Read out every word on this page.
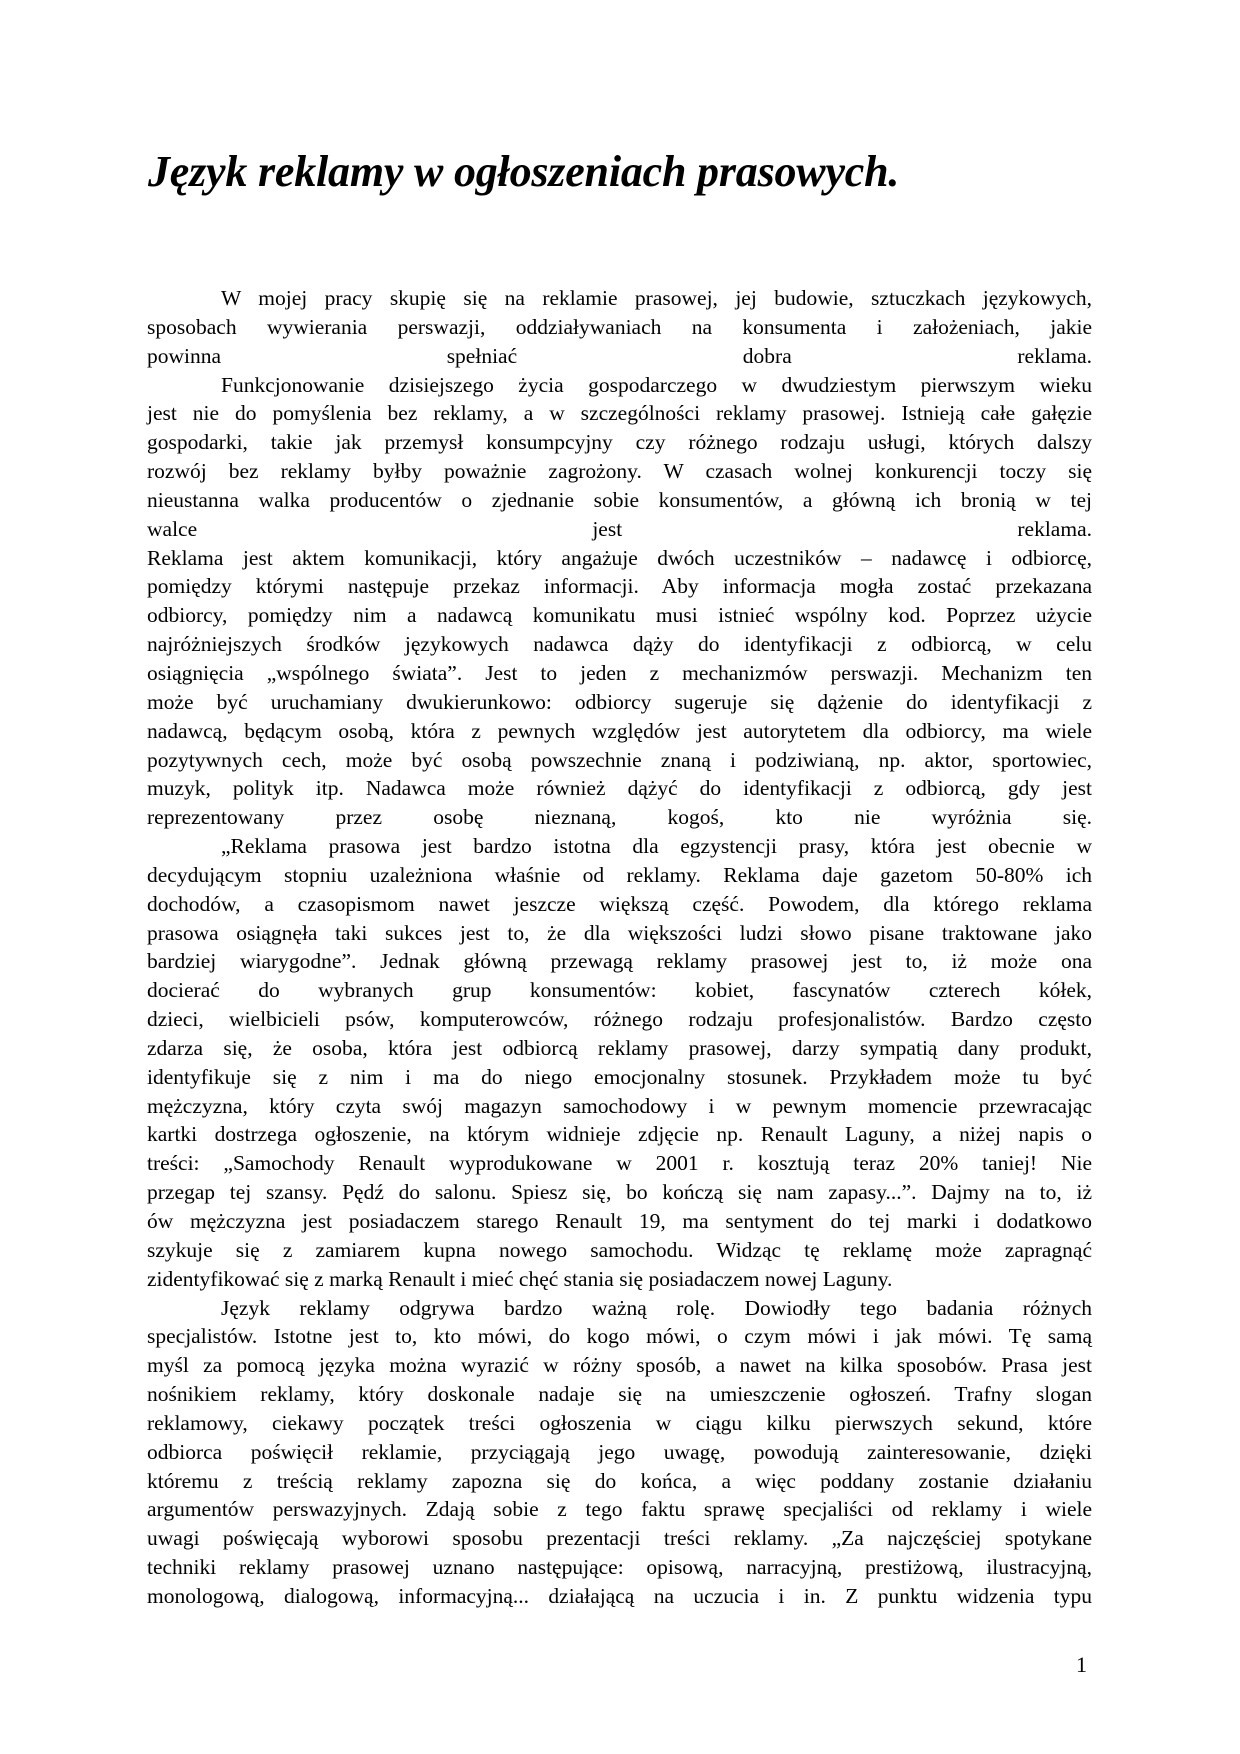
Język reklamy w ogłoszeniach prasowych.
W mojej pracy skupię się na reklamie prasowej, jej budowie, sztuczkach językowych,
sposobach wywierania perswazji, oddziaływaniach na konsumenta i założeniach, jakie
powinna spełniać dobra reklama.
Funkcjonowanie dzisiejszego życia gospodarczego w dwudziestym pierwszym wieku
jest nie do pomyślenia bez reklamy, a w szczególności reklamy prasowej. Istnieją całe gałęzie
gospodarki, takie jak przemysł konsumpcyjny czy różnego rodzaju usługi, których dalszy
rozwój bez reklamy byłby poważnie zagrożony. W czasach wolnej konkurencji toczy się
nieustanna walka producentów o zjednanie sobie konsumentów, a główną ich bronią w tej
walce jest reklama.
Reklama jest aktem komunikacji, który angażuje dwóch uczestników – nadawcę i odbiorcę,
pomiędzy którymi następuje przekaz informacji. Aby informacja mogła zostać przekazana
odbiorcy, pomiędzy nim a nadawcą komunikatu musi istnieć wspólny kod. Poprzez użycie
najróżniejszych środków językowych nadawca dąży do identyfikacji z odbiorcą, w celu
osiągnięcia „wspólnego świata”. Jest to jeden z mechanizmów perswazji. Mechanizm ten
może być uruchamiany dwukierunkowo: odbiorcy sugeruje się dążenie do identyfikacji z
nadawcą, będącym osobą, która z pewnych względów jest autorytetem dla odbiorcy, ma wiele
pozytywnych cech, może być osobą powszechnie znaną i podziwianą, np. aktor, sportowiec,
muzyk, polityk itp. Nadawca może również dążyć do identyfikacji z odbiorcą, gdy jest
reprezentowany przez osobę nieznaną, kogoś, kto nie wyróżnia się.
„Reklama prasowa jest bardzo istotna dla egzystencji prasy, która jest obecnie w
decydującym stopniu uzależniona właśnie od reklamy. Reklama daje gazetom 50-80% ich
dochodów, a czasopismom nawet jeszcze większą część. Powodem, dla którego reklama
prasowa osiągnęła taki sukces jest to, że dla większości ludzi słowo pisane traktowane jako
bardziej wiarygodne”. Jednak główną przewagą reklamy prasowej jest to, iż może ona
docierać do wybranych grup konsumentów: kobiet, fascynatów czterech kółek,
dzieci, wielbicieli psów, komputerowców, różnego rodzaju profesjonalistów. Bardzo często
zdarza się, że osoba, która jest odbiorcą reklamy prasowej, darzy sympatią dany produkt,
identyfikuje się z nim i ma do niego emocjonalny stosunek. Przykładem może tu być
mężczyzna, który czyta swój magazyn samochodowy i w pewnym momencie przewracając
kartki dostrzega ogłoszenie, na którym widnieje zdjęcie np. Renault Laguny, a niżej napis o
treści: „Samochody Renault wyprodukowane w 2001 r. kosztują teraz 20% taniej! Nie
przegap tej szansy. Pędź do salonu. Spiesz się, bo kończą się nam zapasy...”. Dajmy na to, iż
ów mężczyzna jest posiadaczem starego Renault 19, ma sentyment do tej marki i dodatkowo
szykuje się z zamiarem kupna nowego samochodu. Widząc tę reklamę może zapragnąć
zidentyfikować się z marką Renault i mieć chęć stania się posiadaczem nowej Laguny.
Język reklamy odgrywa bardzo ważną rolę. Dowiodły tego badania różnych
specjalistów. Istotne jest to, kto mówi, do kogo mówi, o czym mówi i jak mówi. Tę samą
myśl za pomocą języka można wyrazić w różny sposób, a nawet na kilka sposobów. Prasa jest
nośnikiem reklamy, który doskonale nadaje się na umieszczenie ogłoszeń. Trafny slogan
reklamowy, ciekawy początek treści ogłoszenia w ciągu kilku pierwszych sekund, które
odbiorca poświęcił reklamie, przyciągają jego uwagę, powodują zainteresowanie, dzięki
któremu z treścią reklamy zapozna się do końca, a więc poddany zostanie działaniu
argumentów perswazyjnych. Zdają sobie z tego faktu sprawę specjaliści od reklamy i wiele
uwagi poświęcają wyborowi sposobu prezentacji treści reklamy. „Za najczęściej spotykane
techniki reklamy prasowej uznano następujące: opisową, narracyjną, prestiżową, ilustracyjną,
monologową, dialogową, informacyjną... działającą na uczucia i in. Z punktu widzenia typu
1
